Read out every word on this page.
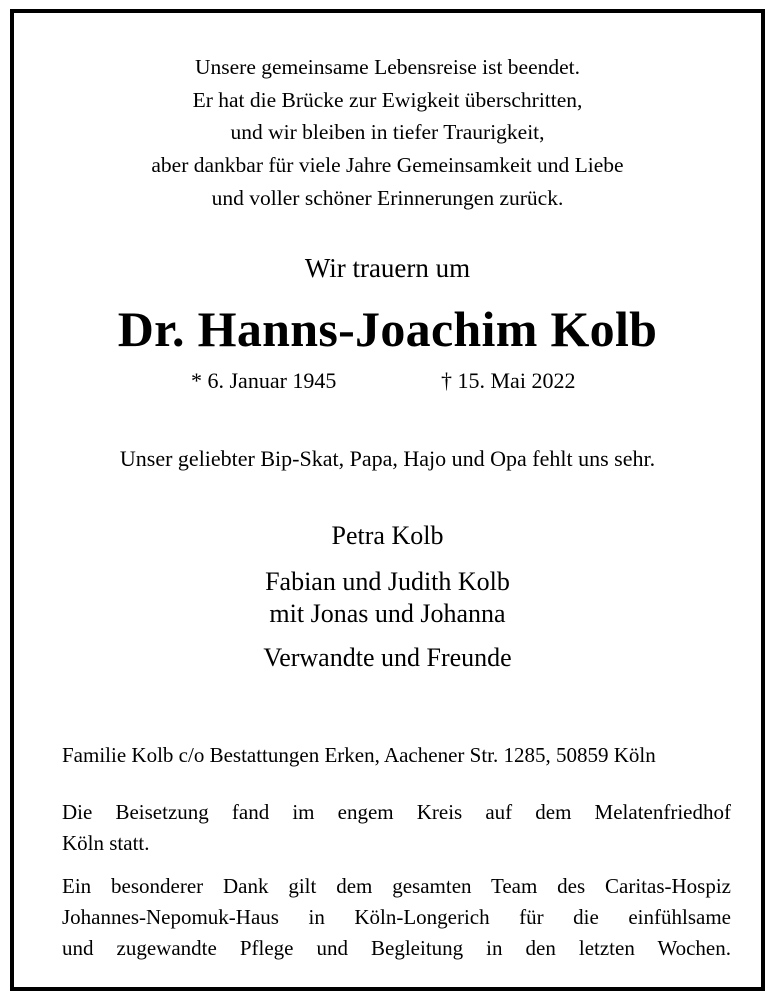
Unsere gemeinsame Lebensreise ist beendet.
Er hat die Brücke zur Ewigkeit überschritten,
und wir bleiben in tiefer Traurigkeit,
aber dankbar für viele Jahre Gemeinsamkeit und Liebe
und voller schöner Erinnerungen zurück.
Wir trauern um
Dr. Hanns-Joachim Kolb
* 6. Januar 1945	† 15. Mai 2022
Unser geliebter Bip-Skat, Papa, Hajo und Opa fehlt uns sehr.
Petra Kolb
Fabian und Judith Kolb
mit Jonas und Johanna
Verwandte und Freunde
Familie Kolb c/o Bestattungen Erken, Aachener Str. 1285, 50859 Köln
Die Beisetzung fand im engem Kreis auf dem Melatenfriedhof
Köln statt.
Ein besonderer Dank gilt dem gesamten Team des Caritas-Hospiz
Johannes-Nepomuk-Haus in Köln-Longerich für die einfühlsame
und zugewandte Pflege und Begleitung in den letzten Wochen.
